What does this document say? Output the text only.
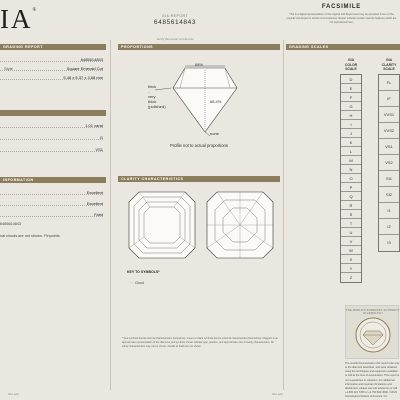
IA®
GIA REPORT
6485614843
Verify this report at GIA.edu
FACSIMILE
This is a digital representation of the original GIA Report and may be accepted in lieu of the original GIA Report in certain circumstances. Report includes certain security features which are not reproduced here.
GRADING REPORT
6485614843
Style	Square Emerald Cut
5.48 x 5.37 x 3.68 mm
1.01 carat
G
VS1
INFORMATION
Excellent
Excellent
Faint
6485614843
nal clouds are not shown. Pinpoints
PROPORTIONS
68%
68.4%
thick
-
very
thick
(polished)
none
Profile not to actual proportions
CLARITY CHARACTERISTICS
KEY TO SYMBOLS*
⁖ Cloud
* Red symbols denote internal characteristics (inclusions). Green or black symbols denote external characteristics (blemishes). Diagram is an approximate representation of the diamond, and symbols shown indicate type, position, and approximate size of clarity characteristics. All clarity characteristics may not be shown. Details of finish are not shown.
GRADING SCALES
GIA
COLOR
SCALE
D
E
F
G
H
I
J
K
L
M
N
O
P
Q
R
S
T
U
V
W
X
Y
Z
GIA
CLARITY
SCALE
FL
IF
VVS1
VVS2
VS1
VS2
SI1
SI2
I1
I2
I3
THE WORLD'S FOREMOST AUTHORITY IN GEMOLOGY
The results documented in this report refer only to the diamond described, and were obtained using the techniques and equipment available to GIA at the time of examination. This report is not a guarantee or valuation. For additional information and important limitations and disclaimers, please see GIA.edu/terms or call +1 800 421 7250 or +1 760 603 4500. ©2023 Gemological Institute of America, Inc.
GIA.edu	GIA.edu
